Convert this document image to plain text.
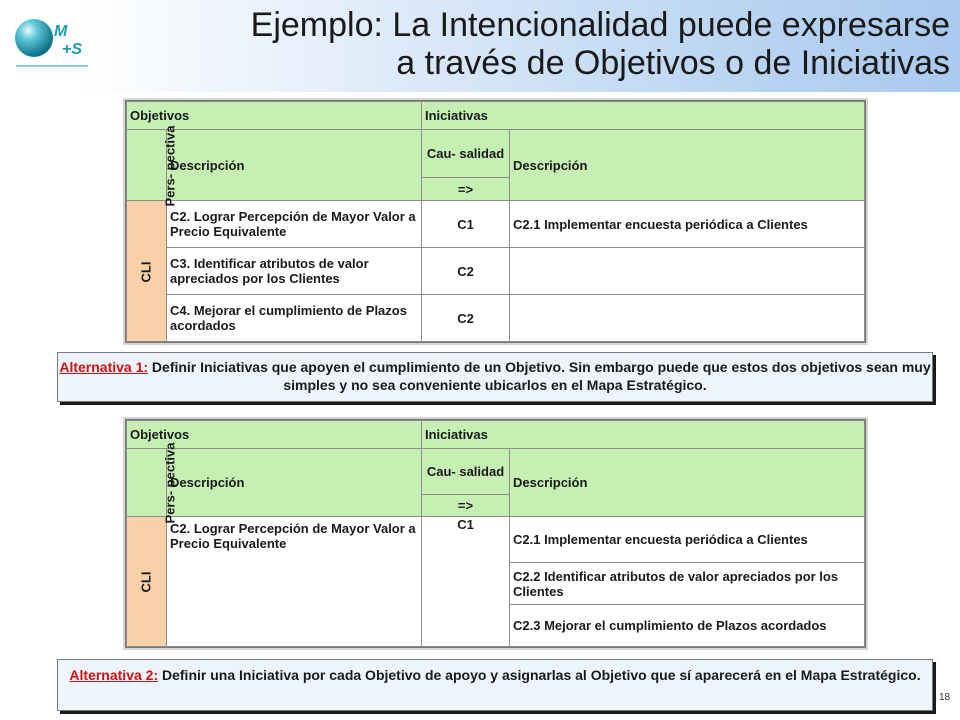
M
+S
Ejemplo: La Intencionalidad puede expresarse
a través de Objetivos o de Iniciativas
Objetivos		Iniciativas	
Pers- pectiva	Descripción	Cau- salidad	Descripción
		=>	
CLI	C2. Lograr Percepción de Mayor Valor a Precio Equivalente	C1	C2.1 Implementar encuesta periódica a Clientes
	C3. Identificar atributos de valor apreciados por los Clientes	C2	
	C4. Mejorar el cumplimiento de Plazos acordados	C2	
Alternativa 1: Definir Iniciativas que apoyen el cumplimiento de un Objetivo. Sin embargo puede que estos dos objetivos sean muy simples y no sea conveniente ubicarlos en el Mapa Estratégico.
Objetivos		Iniciativas	
Pers- pectiva	Descripción	Cau- salidad	Descripción
		=>	
CLI	C2. Lograr Percepción de Mayor Valor a Precio Equivalente	C1	C2.1 Implementar encuesta periódica a Clientes
			C2.2 Identificar atributos de valor apreciados por los Clientes
			C2.3 Mejorar el cumplimiento de Plazos acordados
Alternativa 2: Definir una Iniciativa por cada Objetivo de apoyo y asignarlas al Objetivo que sí aparecerá en el Mapa Estratégico.
18
